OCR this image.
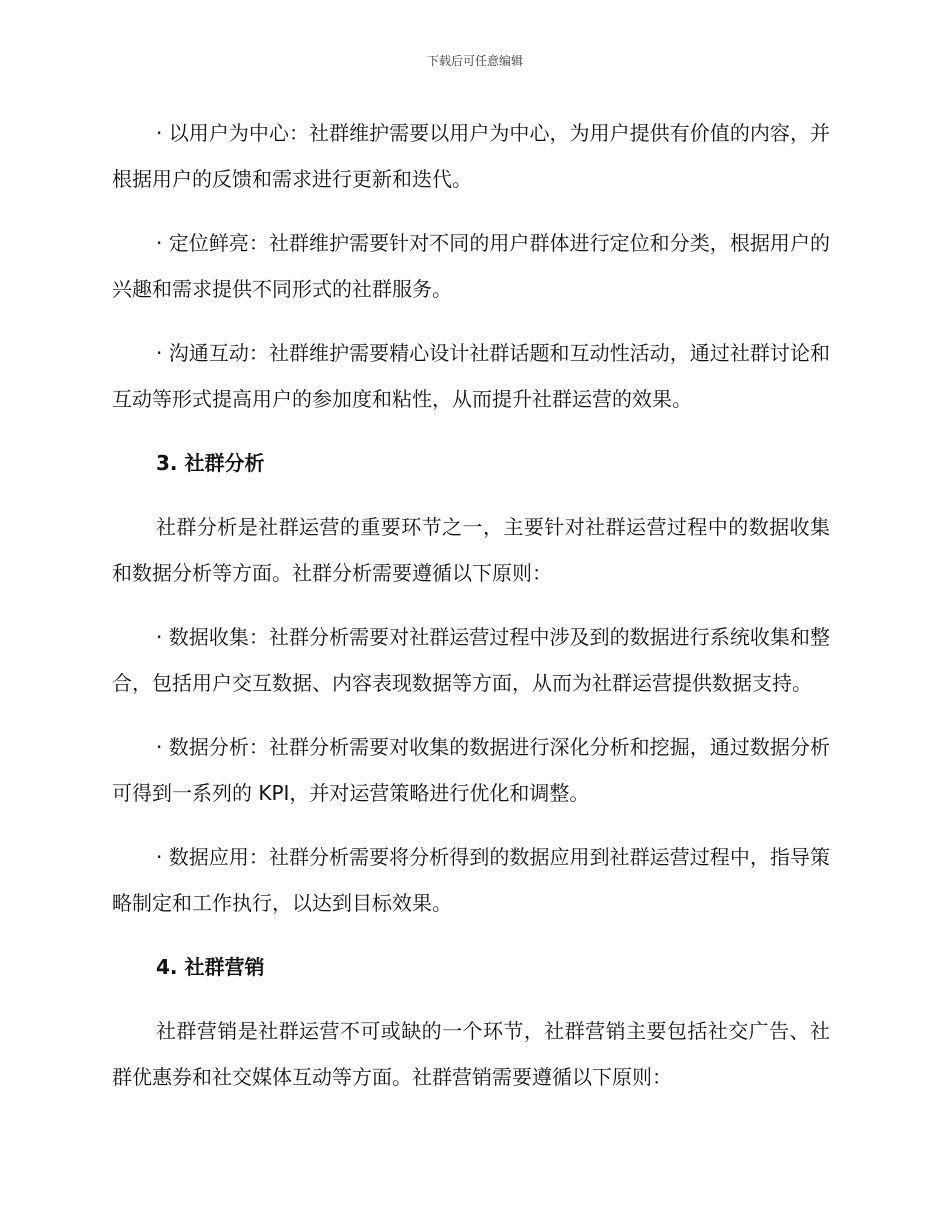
下载后可任意编辑

· 以用户为中心：社群维护需要以用户为中心，为用户提供有价值的内容，并根据用户的反馈和需求进行更新和迭代。

· 定位鲜亮：社群维护需要针对不同的用户群体进行定位和分类，根据用户的兴趣和需求提供不同形式的社群服务。

· 沟通互动：社群维护需要精心设计社群话题和互动性活动，通过社群讨论和互动等形式提高用户的参加度和粘性，从而提升社群运营的效果。

3. 社群分析

社群分析是社群运营的重要环节之一，主要针对社群运营过程中的数据收集和数据分析等方面。社群分析需要遵循以下原则：

· 数据收集：社群分析需要对社群运营过程中涉及到的数据进行系统收集和整合，包括用户交互数据、内容表现数据等方面，从而为社群运营提供数据支持。

· 数据分析：社群分析需要对收集的数据进行深化分析和挖掘，通过数据分析可得到一系列的 KPI，并对运营策略进行优化和调整。

· 数据应用：社群分析需要将分析得到的数据应用到社群运营过程中，指导策略制定和工作执行，以达到目标效果。

4. 社群营销

社群营销是社群运营不可或缺的一个环节，社群营销主要包括社交广告、社群优惠券和社交媒体互动等方面。社群营销需要遵循以下原则：
